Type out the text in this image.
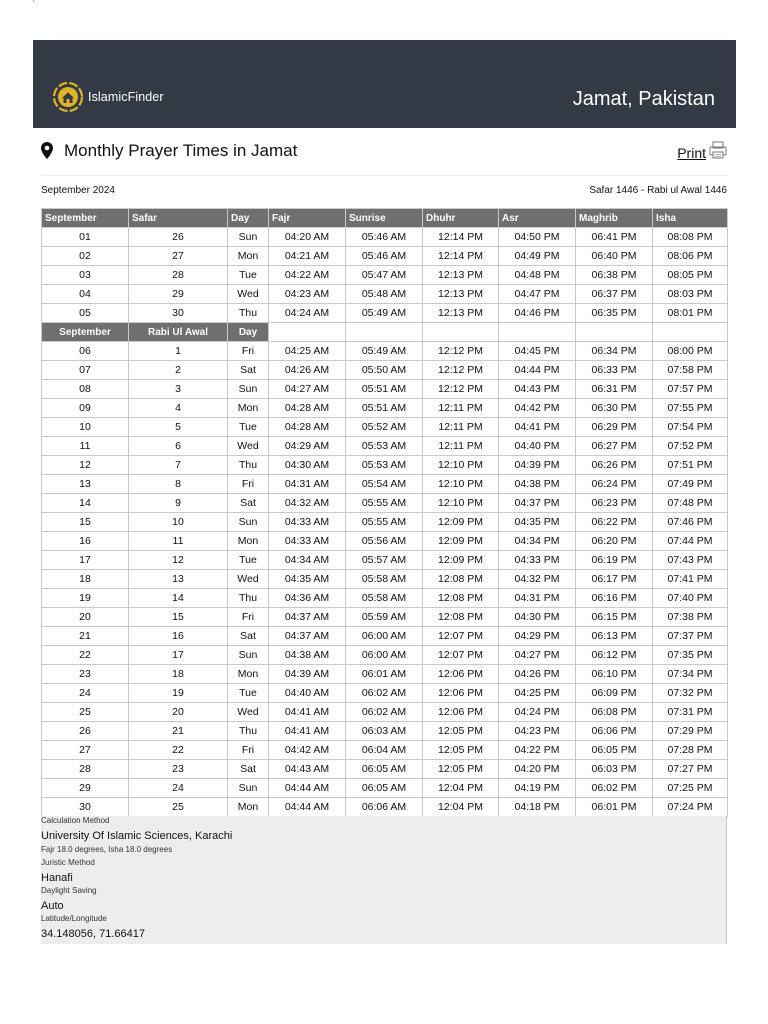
`
IslamicFinder	Jamat, Pakistan
Monthly Prayer Times in Jamat	Print
September 2024	Safar 1446 - Rabi ul Awal 1446
September	Safar	Day	Fajr	Sunrise	Dhuhr	Asr	Maghrib	Isha
01	26	Sun	04:20 AM	05:46 AM	12:14 PM	04:50 PM	06:41 PM	08:08 PM
02	27	Mon	04:21 AM	05:46 AM	12:14 PM	04:49 PM	06:40 PM	08:06 PM
03	28	Tue	04:22 AM	05:47 AM	12:13 PM	04:48 PM	06:38 PM	08:05 PM
04	29	Wed	04:23 AM	05:48 AM	12:13 PM	04:47 PM	06:37 PM	08:03 PM
05	30	Thu	04:24 AM	05:49 AM	12:13 PM	04:46 PM	06:35 PM	08:01 PM
September	Rabi Ul Awal	Day						
06	1	Fri	04:25 AM	05:49 AM	12:12 PM	04:45 PM	06:34 PM	08:00 PM
07	2	Sat	04:26 AM	05:50 AM	12:12 PM	04:44 PM	06:33 PM	07:58 PM
08	3	Sun	04:27 AM	05:51 AM	12:12 PM	04:43 PM	06:31 PM	07:57 PM
09	4	Mon	04:28 AM	05:51 AM	12:11 PM	04:42 PM	06:30 PM	07:55 PM
10	5	Tue	04:28 AM	05:52 AM	12:11 PM	04:41 PM	06:29 PM	07:54 PM
11	6	Wed	04:29 AM	05:53 AM	12:11 PM	04:40 PM	06:27 PM	07:52 PM
12	7	Thu	04:30 AM	05:53 AM	12:10 PM	04:39 PM	06:26 PM	07:51 PM
13	8	Fri	04:31 AM	05:54 AM	12:10 PM	04:38 PM	06:24 PM	07:49 PM
14	9	Sat	04:32 AM	05:55 AM	12:10 PM	04:37 PM	06:23 PM	07:48 PM
15	10	Sun	04:33 AM	05:55 AM	12:09 PM	04:35 PM	06:22 PM	07:46 PM
16	11	Mon	04:33 AM	05:56 AM	12:09 PM	04:34 PM	06:20 PM	07:44 PM
17	12	Tue	04:34 AM	05:57 AM	12:09 PM	04:33 PM	06:19 PM	07:43 PM
18	13	Wed	04:35 AM	05:58 AM	12:08 PM	04:32 PM	06:17 PM	07:41 PM
19	14	Thu	04:36 AM	05:58 AM	12:08 PM	04:31 PM	06:16 PM	07:40 PM
20	15	Fri	04:37 AM	05:59 AM	12:08 PM	04:30 PM	06:15 PM	07:38 PM
21	16	Sat	04:37 AM	06:00 AM	12:07 PM	04:29 PM	06:13 PM	07:37 PM
22	17	Sun	04:38 AM	06:00 AM	12:07 PM	04:27 PM	06:12 PM	07:35 PM
23	18	Mon	04:39 AM	06:01 AM	12:06 PM	04:26 PM	06:10 PM	07:34 PM
24	19	Tue	04:40 AM	06:02 AM	12:06 PM	04:25 PM	06:09 PM	07:32 PM
25	20	Wed	04:41 AM	06:02 AM	12:06 PM	04:24 PM	06:08 PM	07:31 PM
26	21	Thu	04:41 AM	06:03 AM	12:05 PM	04:23 PM	06:06 PM	07:29 PM
27	22	Fri	04:42 AM	06:04 AM	12:05 PM	04:22 PM	06:05 PM	07:28 PM
28	23	Sat	04:43 AM	06:05 AM	12:05 PM	04:20 PM	06:03 PM	07:27 PM
29	24	Sun	04:44 AM	06:05 AM	12:04 PM	04:19 PM	06:02 PM	07:25 PM
30	25	Mon	04:44 AM	06:06 AM	12:04 PM	04:18 PM	06:01 PM	07:24 PM
Calculation Method
University Of Islamic Sciences, Karachi
Fajr 18.0 degrees, Isha 18.0 degrees
Juristic Method
Hanafi
Daylight Saving
Auto
Latitude/Longitude
34.148056, 71.66417
